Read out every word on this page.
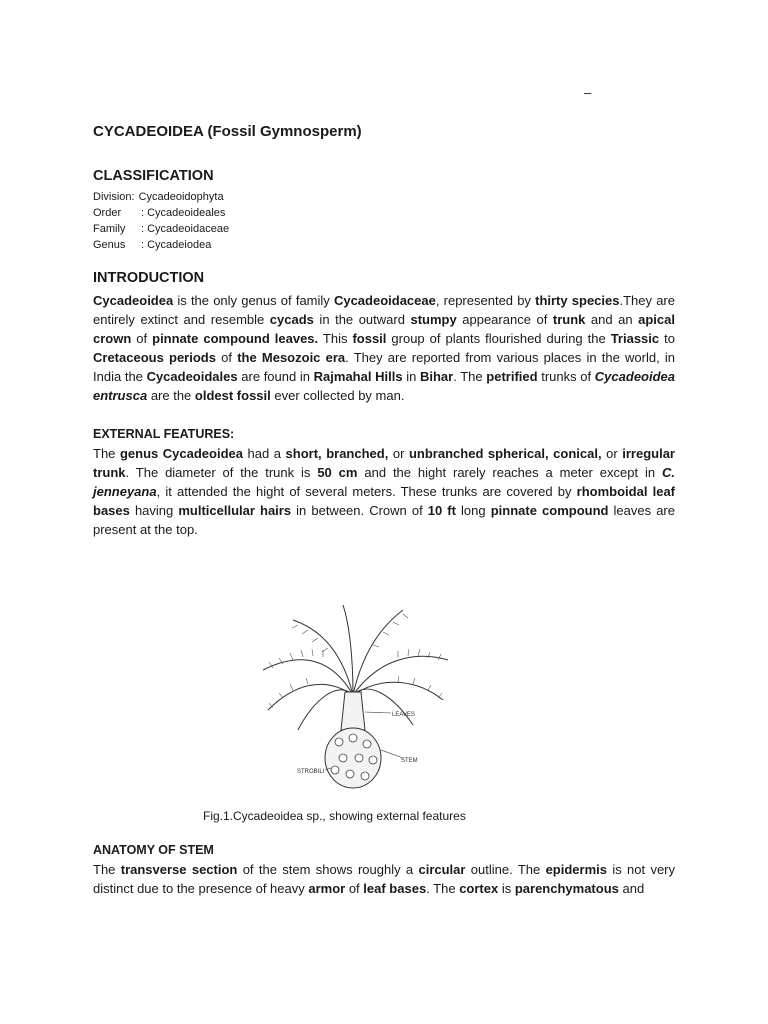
–
CYCADEOIDEA (Fossil Gymnosperm)
CLASSIFICATION
Division: Cycadeoidophyta
Order	: Cycadeoideales
Family	: Cycadeoidaceae
Genus	: Cycadeiodea
INTRODUCTION

Cycadeoidea is the only genus of family Cycadeoidaceae, represented by thirty species.They are entirely extinct and resemble cycads in the outward stumpy appearance of trunk and an apical crown of pinnate compound leaves. This fossil group of plants flourished during the Triassic to Cretaceous periods of the Mesozoic era. They are reported from various places in the world, in India the Cycadeoidales are found in Rajmahal Hills in Bihar. The petrified trunks of Cycadeoidea entrusca are the oldest fossil ever collected by man.

EXTERNAL FEATURES:

The genus Cycadeoidea had a short, branched, or unbranched spherical, conical, or irregular trunk. The diameter of the trunk is 50 cm and the hight rarely reaches a meter except in C. jenneyana, it attended the hight of several meters. These trunks are covered by rhomboidal leaf bases having multicellular hairs in between. Crown of 10 ft long pinnate compound leaves are present at the top.

LEAVES
STEM
STROBILI
Fig.1.Cycadeoidea sp., showing external features
ANATOMY OF STEM

The transverse section of the stem shows roughly a circular outline. The epidermis is not very distinct due to the presence of heavy armor of leaf bases. The cortex is parenchymatous and
